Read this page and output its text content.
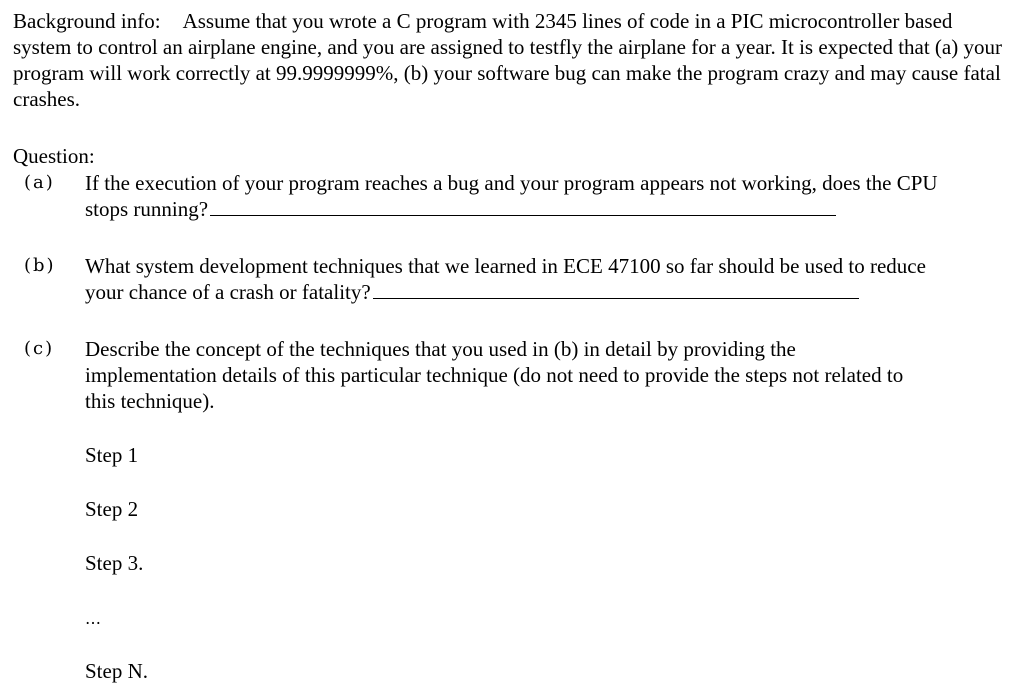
Background info: Assume that you wrote a C program with 2345 lines of code in a PIC microcontroller based system to control an airplane engine, and you are assigned to testfly the airplane for a year. It is expected that (a) your program will work correctly at 99.9999999%, (b) your software bug can make the program crazy and may cause fatal crashes.
Question:
(a) If the execution of your program reaches a bug and your program appears not working, does the CPU
stops running?
(b) What system development techniques that we learned in ECE 47100 so far should be used to reduce
your chance of a crash or fatality?
(c) Describe the concept of the techniques that you used in (b) in detail by providing the
implementation details of this particular technique (do not need to provide the steps not related to
this technique).
Step 1
Step 2
Step 3.
…
Step N.
